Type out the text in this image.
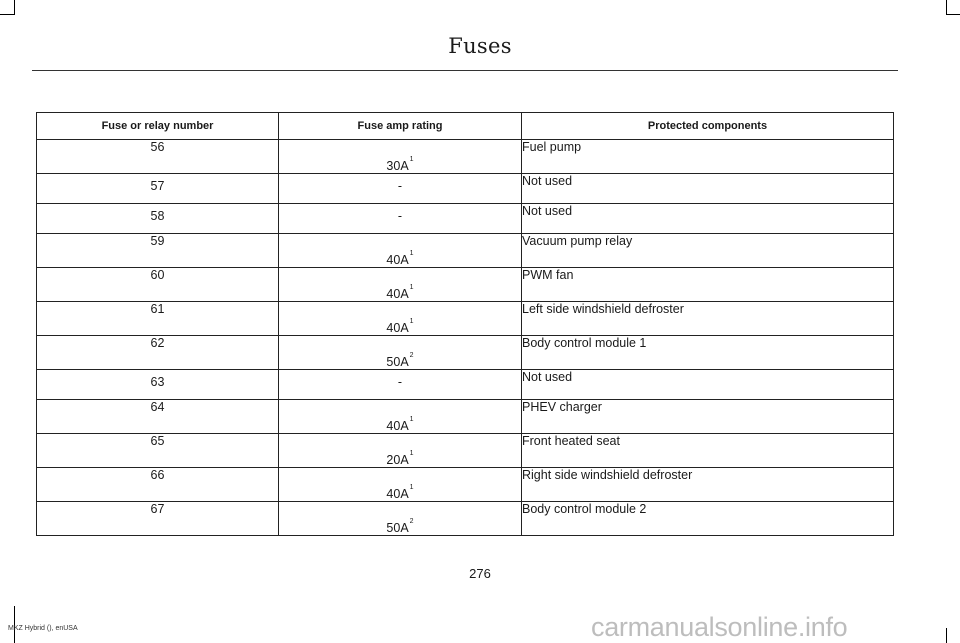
Fuses
Fuse or relay number	Fuse amp rating	Protected components
56	$30A^1$	Fuel pump

57	-	Not used

58	-	Not used

59	$40A^1$	Vacuum pump relay

60	$40A^1$	PWM fan

61	$40A^1$	Left side windshield defroster

62	$50A^2$	Body control module 1

63	-	Not used

64	$40A^1$	PHEV charger

65	$20A^1$	Front heated seat

66	$40A^1$	Right side windshield defroster

67	$50A^2$	Body control module 2
276
MKZ Hybrid (), enUSA	carmanualsonline.info
